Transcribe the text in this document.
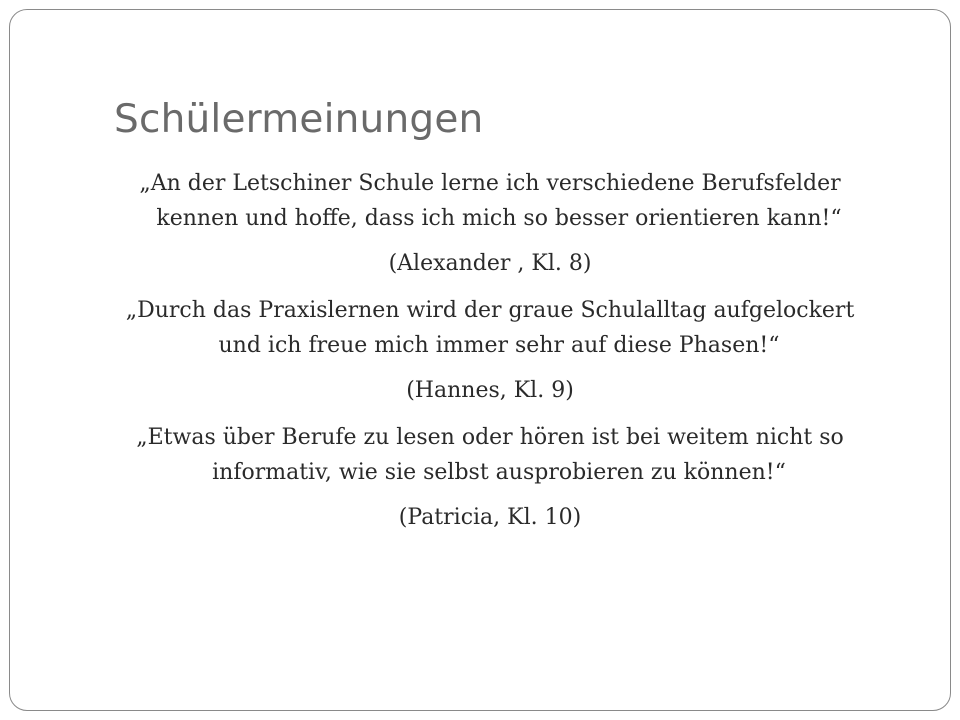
Schülermeinungen

„An der Letschiner Schule lerne ich verschiedene Berufsfelder kennen und hoffe, dass ich mich so besser orientieren kann!“

(Alexander , Kl. 8)

„Durch das Praxislernen wird der graue Schulalltag aufgelockert und ich freue mich immer sehr auf diese Phasen!“

(Hannes, Kl. 9)

„Etwas über Berufe zu lesen oder hören ist bei weitem nicht so informativ, wie sie selbst ausprobieren zu können!“

(Patricia, Kl. 10)
